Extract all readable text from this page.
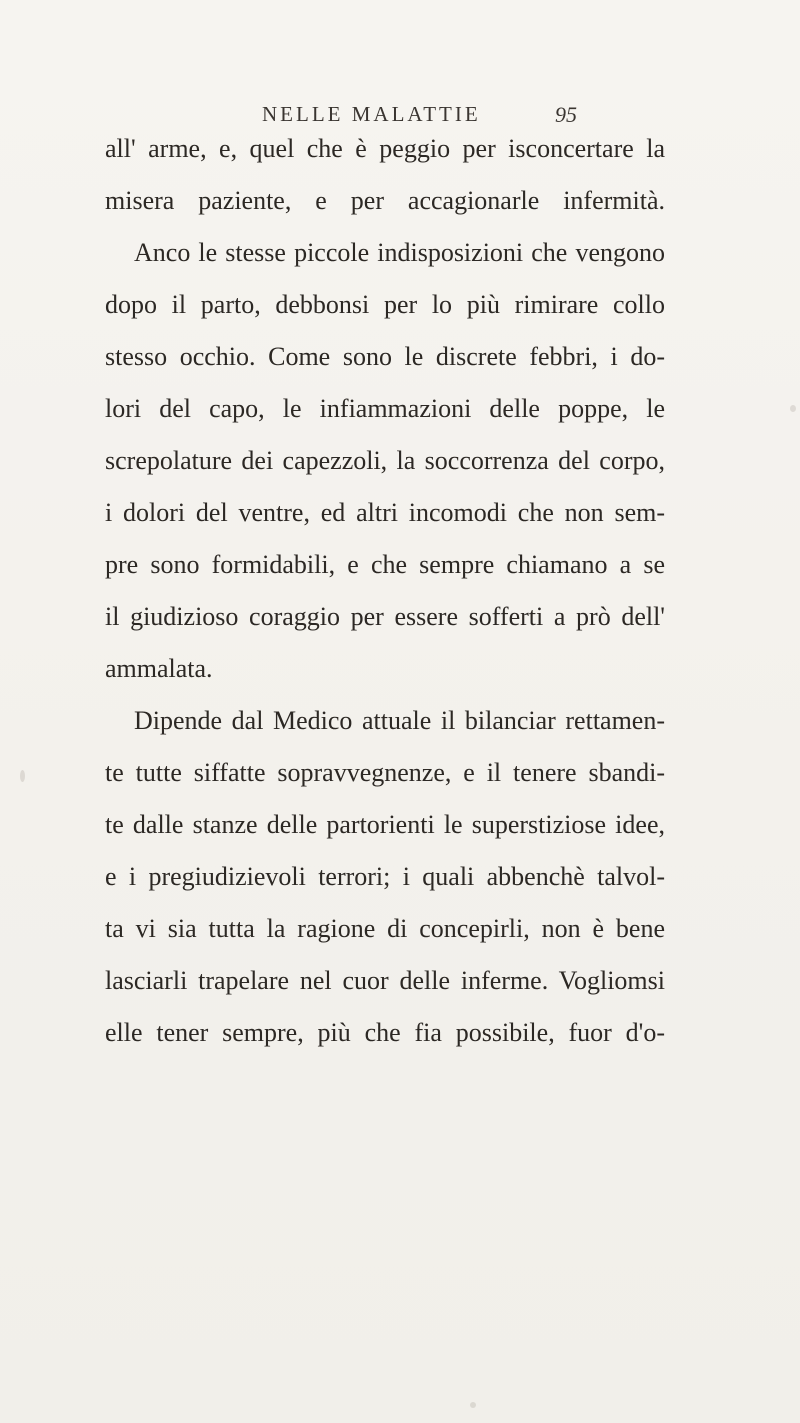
NELLE MALATTIE	95
all' arme, e, quel che è peggio per isconcertare la
misera paziente, e per accagionarle infermità.
Anco le stesse piccole indisposizioni che vengono
dopo il parto, debbonsi per lo più rimirare collo
stesso occhio. Come sono le discrete febbri, i do-
lori del capo, le infiammazioni delle poppe, le
screpolature dei capezzoli, la soccorrenza del corpo,
i dolori del ventre, ed altri incomodi che non sem-
pre sono formidabili, e che sempre chiamano a se
il giudizioso coraggio per essere sofferti a prò dell'
ammalata.
Dipende dal Medico attuale il bilanciar rettamen-
te tutte siffatte sopravvegnenze, e il tenere sbandi-
te dalle stanze delle partorienti le superstiziose idee,
e i pregiudizievoli terrori; i quali abbenchè talvol-
ta vi sia tutta la ragione di concepirli, non è bene
lasciarli trapelare nel cuor delle inferme. Vogliomsi
elle tener sempre, più che fia possibile, fuor d'o-
